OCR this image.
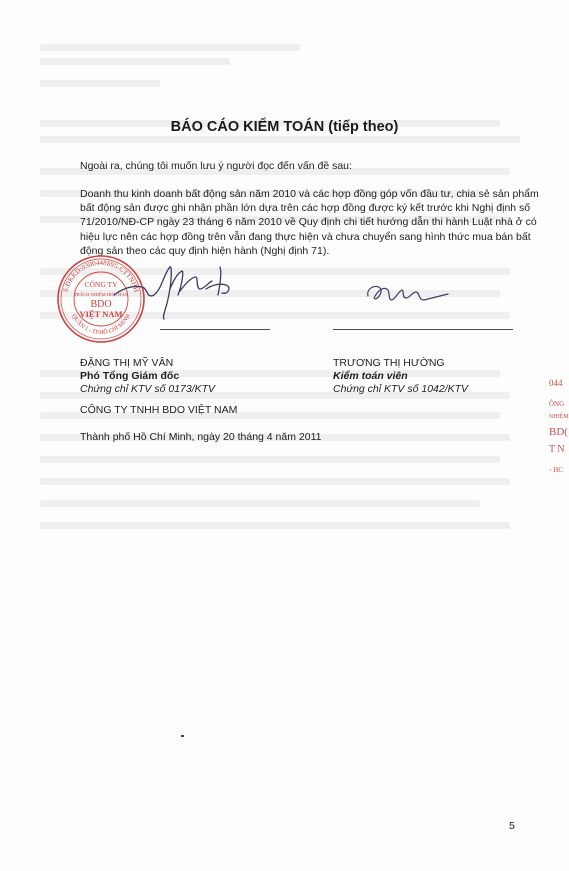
BÁO CÁO KIỂM TOÁN (tiếp theo)
Ngoài ra, chúng tôi muốn lưu ý người đọc đến vấn đề sau:
Doanh thu kinh doanh bất động sản năm 2010 và các hợp đồng góp vốn đầu tư, chia sẻ sản phẩm
bất động sản được ghi nhận phần lớn dựa trên các hợp đồng được ký kết trước khi Nghị định số
71/2010/NĐ-CP ngày 23 tháng 6 năm 2010 về Quy định chi tiết hướng dẫn thi hành Luật nhà ở có
hiệu lực nên các hợp đồng trên vẫn đang thực hiện và chưa chuyển sang hình thức mua bán bất
động sản theo các quy định hiện hành (Nghị định 71).
S.ĐKKD:0300448895-CTTNHH
QUẬN 1 - TP.HỒ CHÍ MINH
CÔNG TY
TRÁCH NHIỆM HỮU HẠN
BDO
VIỆT NAM
ĐẶNG THỊ MỸ VÂN
Phó Tổng Giám đốc
Chứng chỉ KTV số 0173/KTV
TRƯƠNG THỊ HƯỜNG
Kiểm toán viên
Chứng chỉ KTV số 1042/KTV
CÔNG TY TNHH BDO VIỆT NAM
Thành phố Hồ Chí Minh, ngày 20 tháng 4 năm 2011
044
ÔNG
NHIỆM
BD(
T N
◦ HC
5
